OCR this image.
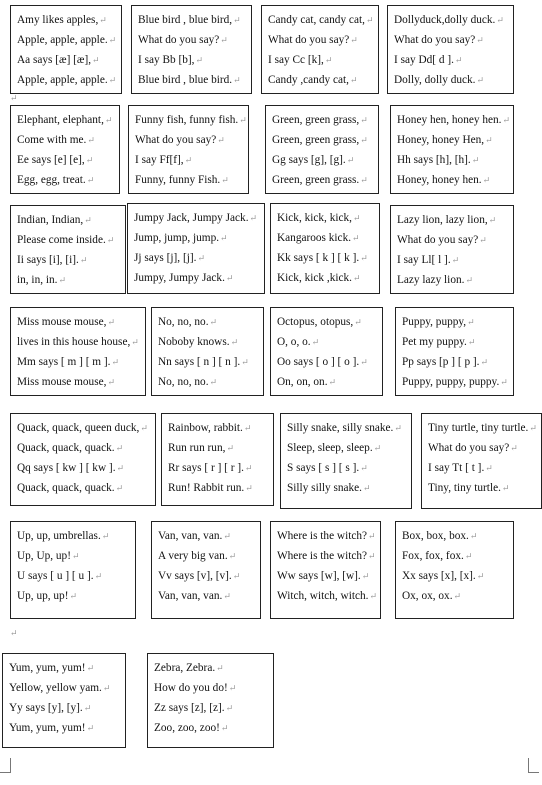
Amy likes apples,↵
Apple, apple, apple.↵
Aa says [æ] [æ],↵
Apple, apple, apple.↵
Blue bird , blue bird,↵
What do you say?↵
I say Bb [b],↵
Blue bird , blue bird.↵
Candy cat, candy cat,↵
What do you say?↵
I say Cc [k],↵
Candy ,candy cat,↵
Dollyduck,dolly duck.↵
What do you say?↵
I say Dd[ d ].↵
Dolly, dolly duck.↵
↵
Elephant, elephant,↵
Come with me.↵
Ee says [e] [e],↵
Egg, egg, treat.↵
Funny fish, funny fish.↵
What do you say?↵
I say Ff[f],↵
Funny, funny Fish.↵
Green, green grass,↵
Green, green grass,↵
Gg says [g], [g].↵
Green, green grass.↵
Honey hen, honey hen.↵
Honey, honey Hen,↵
Hh says [h], [h].↵
Honey, honey hen.↵
Indian, Indian,↵
Please come inside.↵
Ii says [i], [i].↵
in, in, in.↵
Jumpy Jack, Jumpy Jack.↵
Jump, jump, jump.↵
Jj says [j], [j].↵
Jumpy, Jumpy Jack.↵
Kick, kick, kick,↵
Kangaroos kick.↵
Kk says [ k ] [ k ].↵
Kick, kick ,kick.↵
Lazy lion, lazy lion,↵
What do you say?↵
I say Ll[ l ].↵
Lazy lazy lion.↵
Miss mouse mouse,↵
lives in this house house,↵
Mm says [ m ] [ m ].↵
Miss mouse mouse,↵
No, no, no.↵
Noboby knows.↵
Nn says [ n ] [ n ].↵
No, no, no.↵
Octopus, otopus,↵
O, o, o.↵
Oo says [ o ] [ o ].↵
On, on, on.↵
Puppy, puppy,↵
Pet my puppy.↵
Pp says [p ] [ p ].↵
Puppy, puppy, puppy.↵
Quack, quack, queen duck,↵
Quack, quack, quack.↵
Qq says [ kw ] [ kw ].↵
Quack, quack, quack.↵
Rainbow, rabbit.↵
Run run run,↵
Rr says [ r ] [ r ].↵
Run! Rabbit run.↵
Silly snake, silly snake.↵
Sleep, sleep, sleep.↵
S says [ s ] [ s ].↵
Silly silly snake.↵
Tiny turtle, tiny turtle.↵
What do you say?↵
I say Tt [ t ].↵
Tiny, tiny turtle.↵
Up, up, umbrellas.↵
Up, Up, up!↵
U says [ u ] [ u ].↵
Up, up, up!↵
Van, van, van.↵
A very big van.↵
Vv says [v], [v].↵
Van, van, van.↵
Where is the witch?↵
Where is the witch?↵
Ww says [w], [w].↵
Witch, witch, witch.↵
Box, box, box.↵
Fox, fox, fox.↵
Xx says [x], [x].↵
Ox, ox, ox.↵
↵
Yum, yum, yum!↵
Yellow, yellow yam.↵
Yy says [y], [y].↵
Yum, yum, yum!↵
Zebra, Zebra.↵
How do you do!↵
Zz says [z], [z].↵
Zoo, zoo, zoo!↵
